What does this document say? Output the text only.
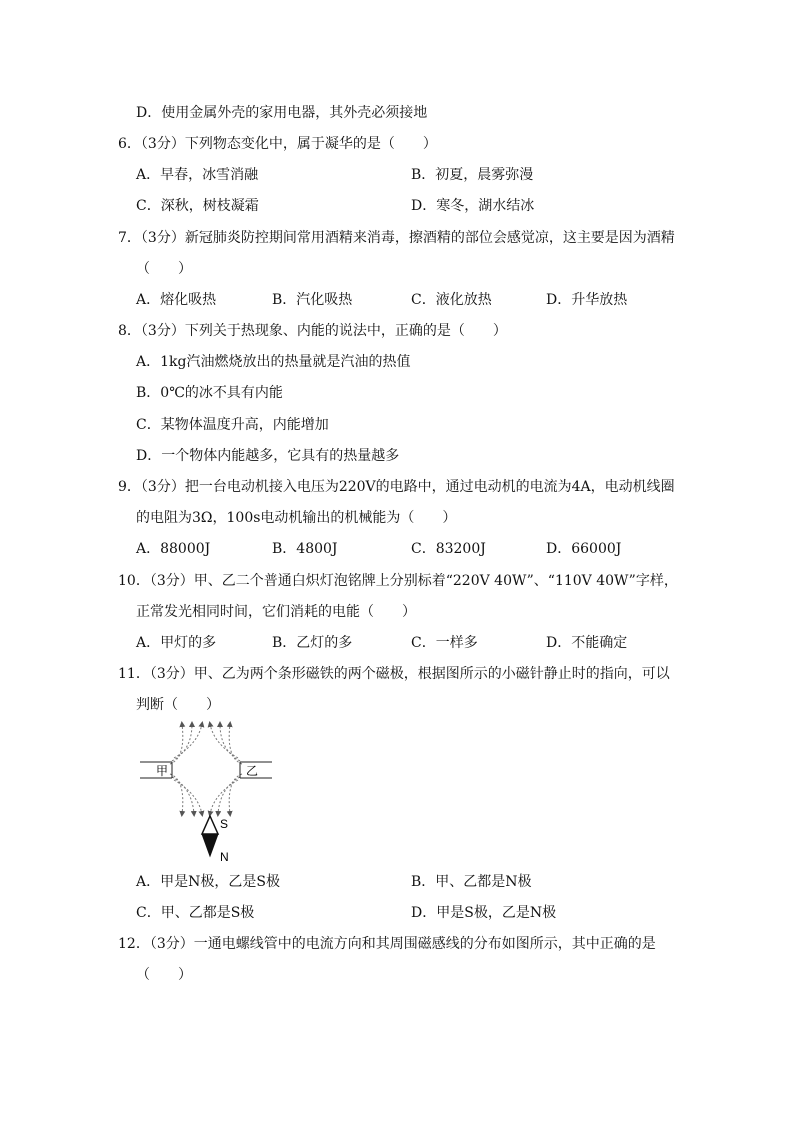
D．使用金属外壳的家用电器，其外壳必须接地
6．（3分）下列物态变化中，属于凝华的是（　　）
A．早春，冰雪消融	B．初夏，晨雾弥漫
C．深秋，树枝凝霜	D．寒冬，湖水结冰
7．（3分）新冠肺炎防控期间常用酒精来消毒，擦酒精的部位会感觉凉，这主要是因为酒精
（　　）
A．熔化吸热	B．汽化吸热	C．液化放热	D．升华放热
8．（3分）下列关于热现象、内能的说法中，正确的是（　　）
A．1kg汽油燃烧放出的热量就是汽油的热值
B．0℃的冰不具有内能
C．某物体温度升高，内能增加
D．一个物体内能越多，它具有的热量越多
9．（3分）把一台电动机接入电压为220V的电路中，通过电动机的电流为4A，电动机线圈
的电阻为3Ω，100s电动机输出的机械能为（　　）
A．88000J	B．4800J	C．83200J	D．66000J
10．（3分）甲、乙二个普通白炽灯泡铭牌上分别标着“220V 40W”、“110V 40W”字样，
正常发光相同时间，它们消耗的电能（　　）
A．甲灯的多	B．乙灯的多	C．一样多	D．不能确定
11．（3分）甲、乙为两个条形磁铁的两个磁极，根据图所示的小磁针静止时的指向，可以
判断（　　）
甲	乙
S
N
A．甲是N极，乙是S极	B．甲、乙都是N极
C．甲、乙都是S极	D．甲是S极，乙是N极
12．（3分）一通电螺线管中的电流方向和其周围磁感线的分布如图所示，其中正确的是
（　　）
